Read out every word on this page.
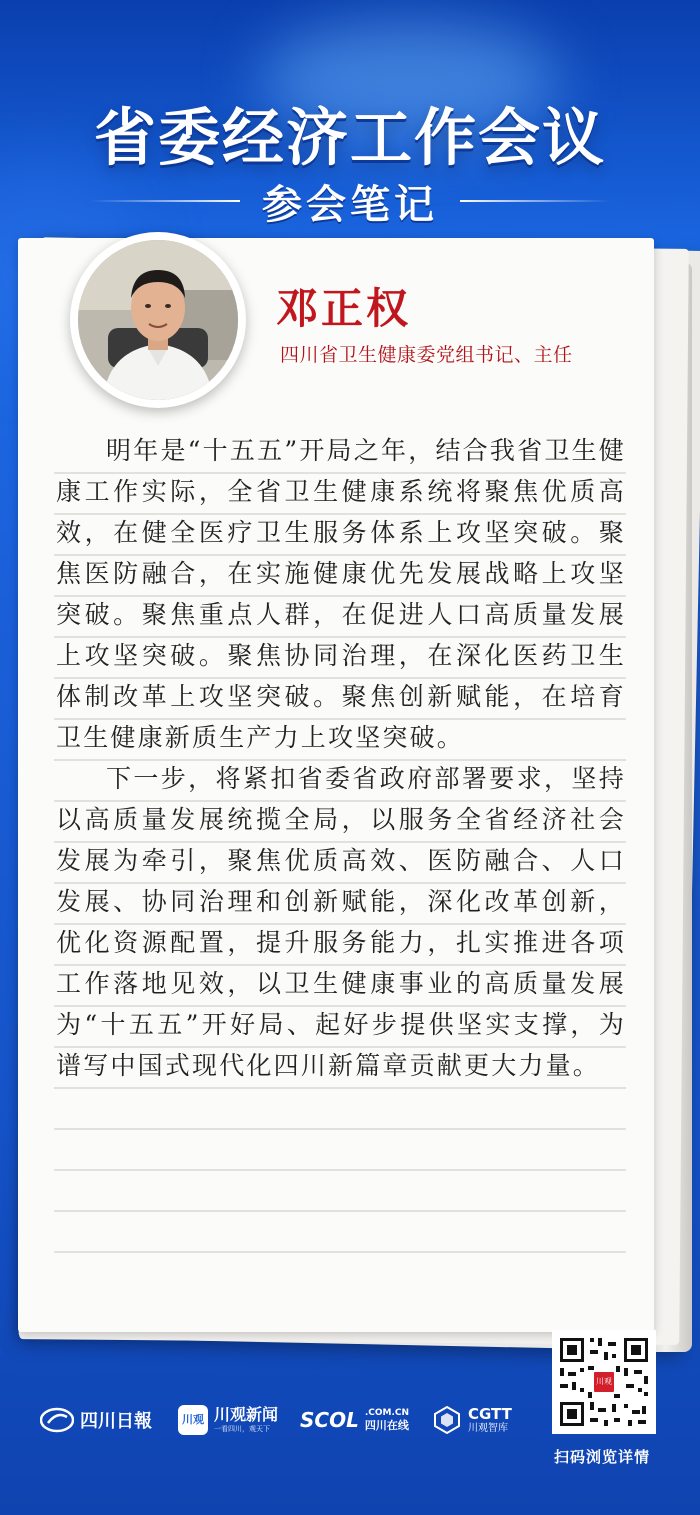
省委经济工作会议
参会笔记
邓正权
四川省卫生健康委党组书记、主任

明年是“十五五”开局之年，结合我省卫生健康工作实际，全省卫生健康系统将聚焦优质高效，在健全医疗卫生服务体系上攻坚突破。聚焦医防融合，在实施健康优先发展战略上攻坚突破。聚焦重点人群，在促进人口高质量发展上攻坚突破。聚焦协同治理，在深化医药卫生体制改革上攻坚突破。聚焦创新赋能，在培育卫生健康新质生产力上攻坚突破。

下一步，将紧扣省委省政府部署要求，坚持以高质量发展统揽全局，以服务全省经济社会发展为牵引，聚焦优质高效、医防融合、人口发展、协同治理和创新赋能，深化改革创新，优化资源配置，提升服务能力，扎实推进各项工作落地见效，以卫生健康事业的高质量发展为“十五五”开好局、起好步提供坚实支撑，为谱写中国式现代化四川新篇章贡献更大力量。

四川日報	川观 川观新闻
一看四川，观天下	SCOL .COM.CN
四川在线
CGTT
川观智库
川观
扫码浏览详情
